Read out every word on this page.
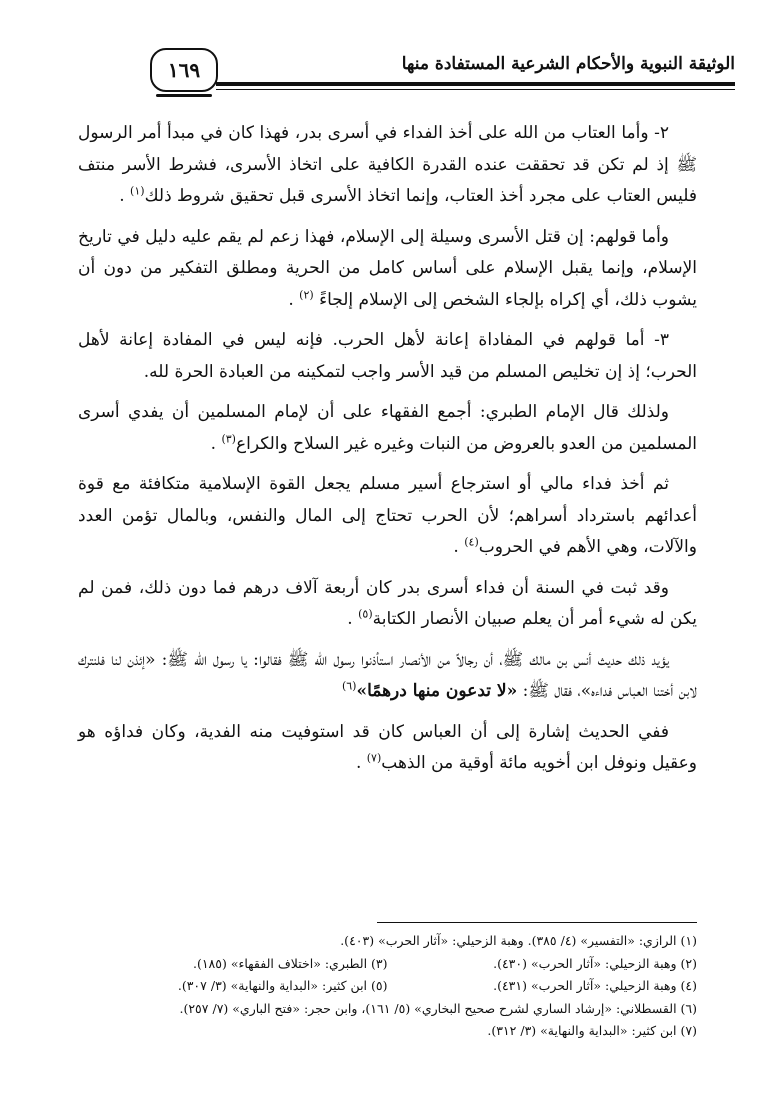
الوثيقة النبوية والأحكام الشرعية المستفادة منها
١٦٩

٢- وأما العتاب من الله على أخذ الفداء في أسرى بدر، فهذا كان في مبدأ أمر الرسول ﷺ إذ لم تكن قد تحققت عنده القدرة الكافية على اتخاذ الأسرى، فشرط الأسر منتف فليس العتاب على مجرد أخذ العتاب، وإنما اتخاذ الأسرى قبل تحقيق شروط ذلك$^{(١)}$ .

وأما قولهم: إن قتل الأسرى وسيلة إلى الإسلام، فهذا زعم لم يقم عليه دليل في تاريخ الإسلام، وإنما يقبل الإسلام على أساس كامل من الحرية ومطلق التفكير من دون أن يشوب ذلك، أي إكراه بإلجاء الشخص إلى الإسلام إلجاءً $^{(٢)}$ .

٣- أما قولهم في المفاداة إعانة لأهل الحرب. فإنه ليس في المفادة إعانة لأهل الحرب؛ إذ إن تخليص المسلم من قيد الأسر واجب لتمكينه من العبادة الحرة لله.

ولذلك قال الإمام الطبري: أجمع الفقهاء على أن لإمام المسلمين أن يفدي أسرى المسلمين من العدو بالعروض من النبات وغيره غير السلاح والكراع$^{(٣)}$ .

ثم أخذ فداء مالي أو استرجاع أسير مسلم يجعل القوة الإسلامية متكافئة مع قوة أعدائهم باسترداد أسراهم؛ لأن الحرب تحتاج إلى المال والنفس، وبالمال تؤمن العدد والآلات، وهي الأهم في الحروب$^{(٤)}$ .

وقد ثبت في السنة أن فداء أسرى بدر كان أربعة آلاف درهم فما دون ذلك، فمن لم يكن له شيء أمر أن يعلم صبيان الأنصار الكتابة$^{(٥)}$ .

يؤيد ذلك حديث أنس بن مالك ﷺ، أن رجالاً من الأنصار استأذنوا رسول الله ﷺ فقالوا: يا رسول الله ﷺ: «إئذن لنا فلنترك لابن أختنا العباس فداءه»، فقال ﷺ: «لا تدعون منها درهمًا»$^{(٦)}$

ففي الحديث إشارة إلى أن العباس كان قد استوفيت منه الفدية، وكان فداؤه هو وعقيل ونوفل ابن أخويه مائة أوقية من الذهب$^{(٧)}$ .

(١) الرازي: «التفسير» (٤/ ٣٨٥). وهبة الزحيلي: «آثار الحرب» (٤٠٣).
(٢) وهبة الزحيلي: «آثار الحرب» (٤٣٠).
(٣) الطبري: «اختلاف الفقهاء» (١٨٥).
(٤) وهبة الزحيلي: «آثار الحرب» (٤٣١).
(٥) ابن كثير: «البداية والنهاية» (٣/ ٣٠٧).
(٦) القسطلاني: «إرشاد الساري لشرح صحيح البخاري» (٥/ ١٦١)، وابن حجر: «فتح الباري» (٧/ ٢٥٧).
(٧) ابن كثير: «البداية والنهاية» (٣/ ٣١٢).
